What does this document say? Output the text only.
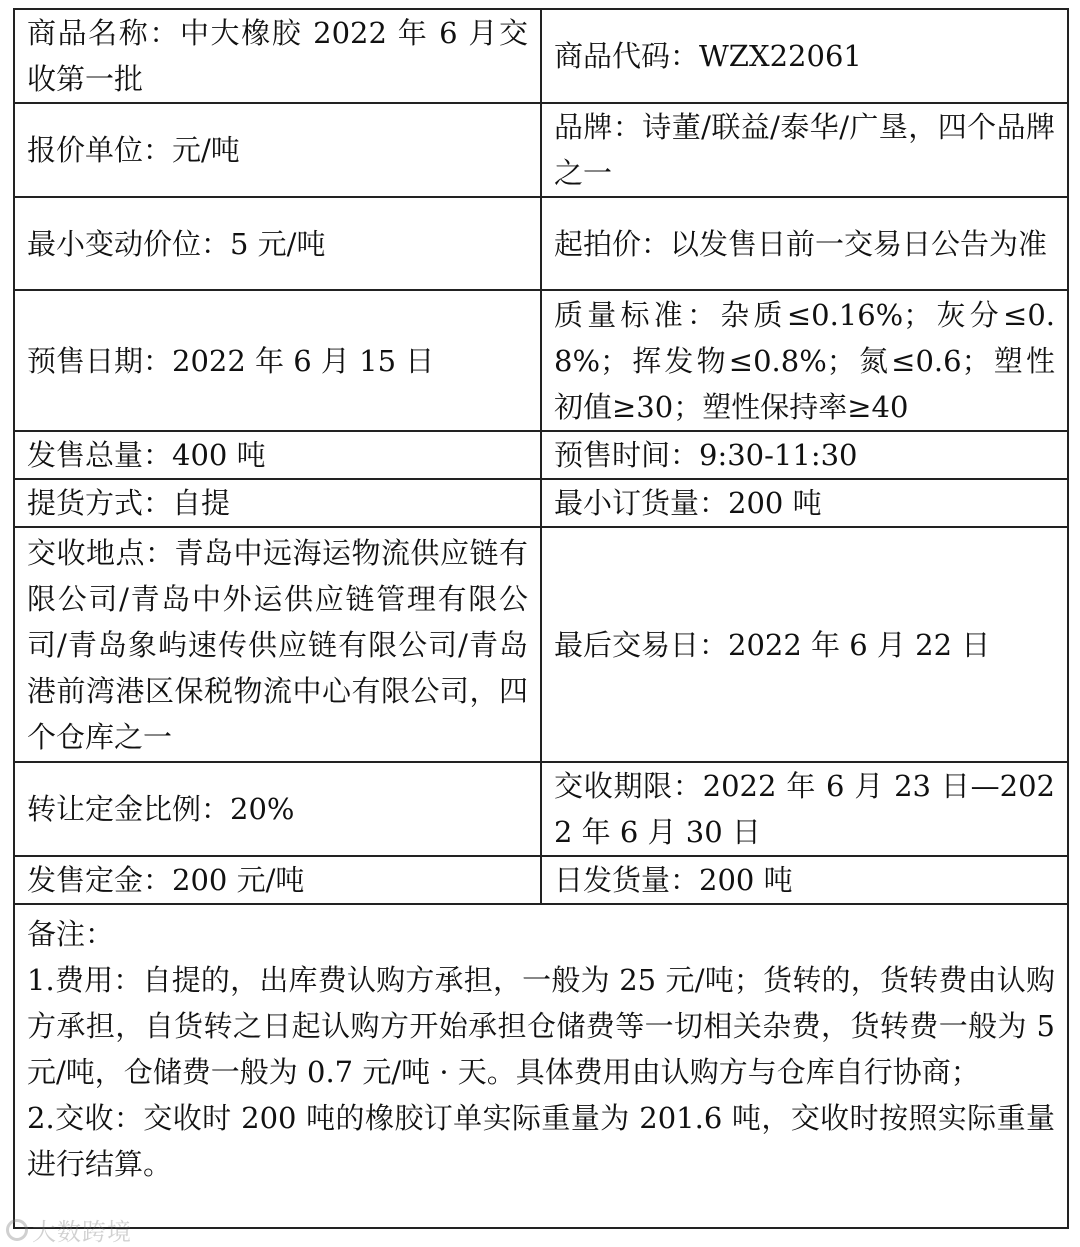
商品名称：中大橡胶 2022 年 6 月交收第一批	商品代码：WZX22061
报价单位：元/吨	品牌：诗董/联益/泰华/广垦，四个品牌之一
最小变动价位：5 元/吨	起拍价：以发售日前一交易日公告为准
预售日期：2022 年 6 月 15 日	质量标准：杂质≤0.16%；灰分≤0.8%；挥发物≤0.8%；氮≤0.6；塑性初值≥30；塑性保持率≥40
发售总量：400 吨	预售时间：9:30-11:30
提货方式：自提	最小订货量：200 吨
交收地点：青岛中远海运物流供应链有限公司/青岛中外运供应链管理有限公司/青岛象屿速传供应链有限公司/青岛港前湾港区保税物流中心有限公司，四个仓库之一	最后交易日：2022 年 6 月 22 日
转让定金比例：20%	交收期限：2022 年 6 月 23 日—2022 年 6 月 30 日
发售定金：200 元/吨	日发货量：200 吨

备注：

1.费用：自提的，出库费认购方承担，一般为 25 元/吨；货转的，货转费由认购方承担，自货转之日起认购方开始承担仓储费等一切相关杂费，货转费一般为 5 元/吨，仓储费一般为 0.7 元/吨 · 天。具体费用由认购方与仓库自行协商；

2.交收：交收时 200 吨的橡胶订单实际重量为 201.6 吨，交收时按照实际重量进行结算。	

大数跨境
